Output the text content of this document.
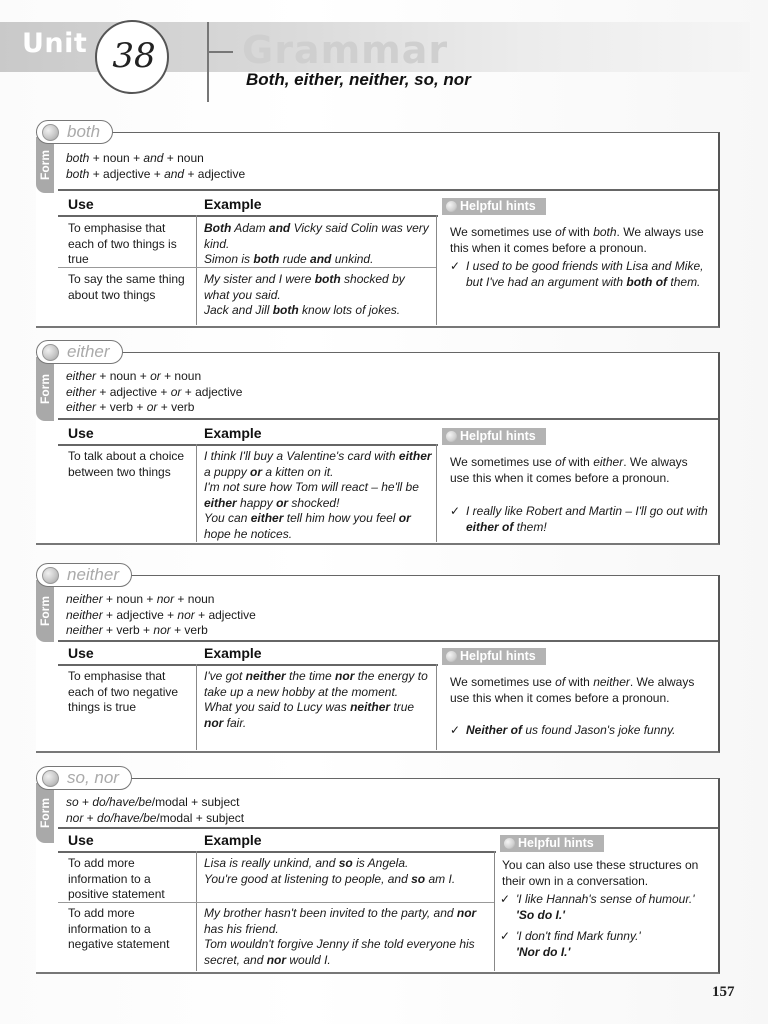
Unit 38	Grammar
Both, either, neither, so, nor
both
Form both + noun + and + noun
both + adjective + and + adjective
Use	Example
To emphasise that each of two things is true
Both Adam and Vicky said Colin was very kind.
Simon is both rude and unkind.
To say the same thing about two things
My sister and I were both shocked by what you said.
Jack and Jill both know lots of jokes.
Helpful hints
We sometimes use of with both. We always use this when it comes before a pronoun.
✓ I used to be good friends with Lisa and Mike, but I've had an argument with both of them.
either
Form either + noun + or + noun
either + adjective + or + adjective
either + verb + or + verb
Use	Example
To talk about a choice between two things
I think I'll buy a Valentine's card with either a puppy or a kitten on it.
I'm not sure how Tom will react – he'll be either happy or shocked!
You can either tell him how you feel or hope he notices.
Helpful hints
We sometimes use of with either. We always use this when it comes before a pronoun.
✓ I really like Robert and Martin – I'll go out with either of them!
neither
Form neither + noun + nor + noun
neither + adjective + nor + adjective
neither + verb + nor + verb
Use	Example
To emphasise that each of two negative things is true
I've got neither the time nor the energy to take up a new hobby at the moment.
What you said to Lucy was neither true nor fair.
Helpful hints
We sometimes use of with neither. We always use this when it comes before a pronoun.
✓ Neither of us found Jason's joke funny.
so, nor
Form so + do/have/be/modal + subject
nor + do/have/be/modal + subject
Use	Example
To add more information to a positive statement
Lisa is really unkind, and so is Angela.
You're good at listening to people, and so am I.
To add more information to a negative statement
My brother hasn't been invited to the party, and nor has his friend.
Tom wouldn't forgive Jenny if she told everyone his secret, and nor would I.
Helpful hints
You can also use these structures on their own in a conversation.
✓ 'I like Hannah's sense of humour.'
'So do I.'
✓ 'I don't find Mark funny.'
'Nor do I.'
157
